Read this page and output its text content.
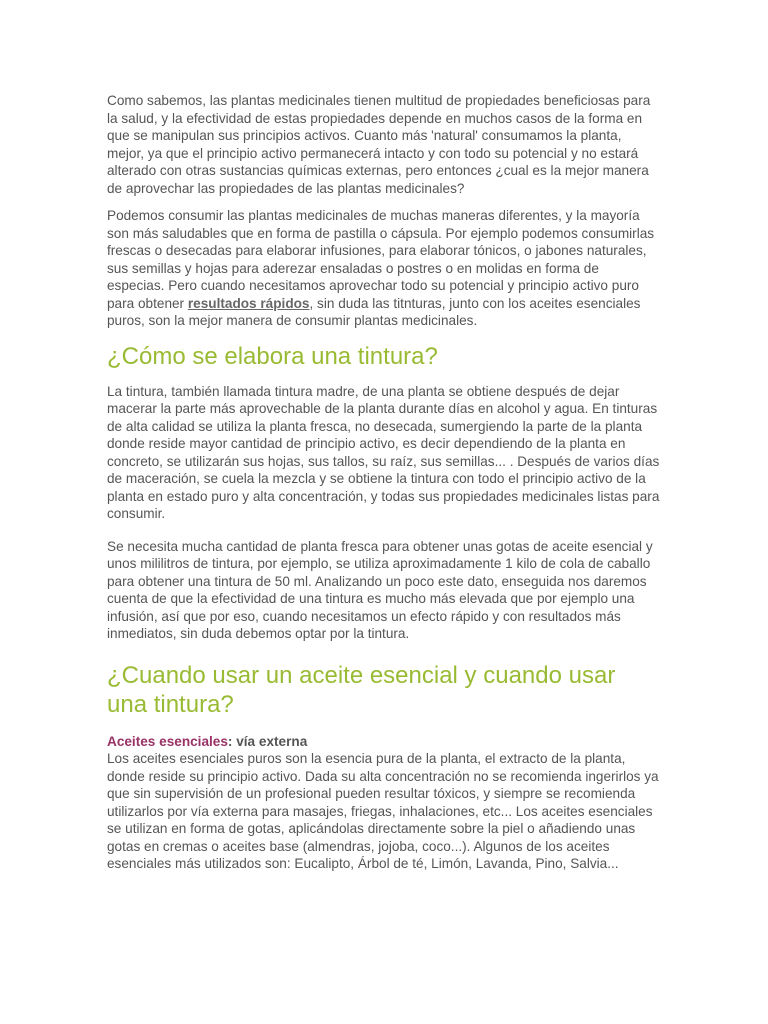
Como sabemos, las plantas medicinales tienen multitud de propiedades beneficiosas para la salud, y la efectividad de estas propiedades depende en muchos casos de la forma en que se manipulan sus principios activos. Cuanto más 'natural' consumamos la planta, mejor, ya que el principio activo permanecerá intacto y con todo su potencial y no estará alterado con otras sustancias químicas externas, pero entonces ¿cual es la mejor manera de aprovechar las propiedades de las plantas medicinales?

Podemos consumir las plantas medicinales de muchas maneras diferentes, y la mayoría son más saludables que en forma de pastilla o cápsula. Por ejemplo podemos consumirlas frescas o desecadas para elaborar infusiones, para elaborar tónicos, o jabones naturales, sus semillas y hojas para aderezar ensaladas o postres o en molidas en forma de especias. Pero cuando necesitamos aprovechar todo su potencial y principio activo puro para obtener resultados rápidos, sin duda las titnturas, junto con los aceites esenciales puros, son la mejor manera de consumir plantas medicinales.

¿Cómo se elabora una tintura?

La tintura, también llamada tintura madre, de una planta se obtiene después de dejar macerar la parte más aprovechable de la planta durante días en alcohol y agua. En tinturas de alta calidad se utiliza la planta fresca, no desecada, sumergiendo la parte de la planta donde reside mayor cantidad de principio activo, es decir dependiendo de la planta en concreto, se utilizarán sus hojas, sus tallos, su raíz, sus semillas... . Después de varios días de maceración, se cuela la mezcla y se obtiene la tintura con todo el principio activo de la planta en estado puro y alta concentración, y todas sus propiedades medicinales listas para consumir.

Se necesita mucha cantidad de planta fresca para obtener unas gotas de aceite esencial y unos mililitros de tintura, por ejemplo, se utiliza aproximadamente 1 kilo de cola de caballo para obtener una tintura de 50 ml. Analizando un poco este dato, enseguida nos daremos cuenta de que la efectividad de una tintura es mucho más elevada que por ejemplo una infusión, así que por eso, cuando necesitamos un efecto rápido y con resultados más inmediatos, sin duda debemos optar por la tintura.

¿Cuando usar un aceite esencial y cuando usar una tintura?

Aceites esenciales: vía externa

Los aceites esenciales puros son la esencia pura de la planta, el extracto de la planta, donde reside su principio activo. Dada su alta concentración no se recomienda ingerirlos ya que sin supervisión de un profesional pueden resultar tóxicos, y siempre se recomienda utilizarlos por vía externa para masajes, friegas, inhalaciones, etc... Los aceites esenciales se utilizan en forma de gotas, aplicándolas directamente sobre la piel o añadiendo unas gotas en cremas o aceites base (almendras, jojoba, coco...). Algunos de los aceites esenciales más utilizados son: Eucalipto, Árbol de té, Limón, Lavanda, Pino, Salvia...
